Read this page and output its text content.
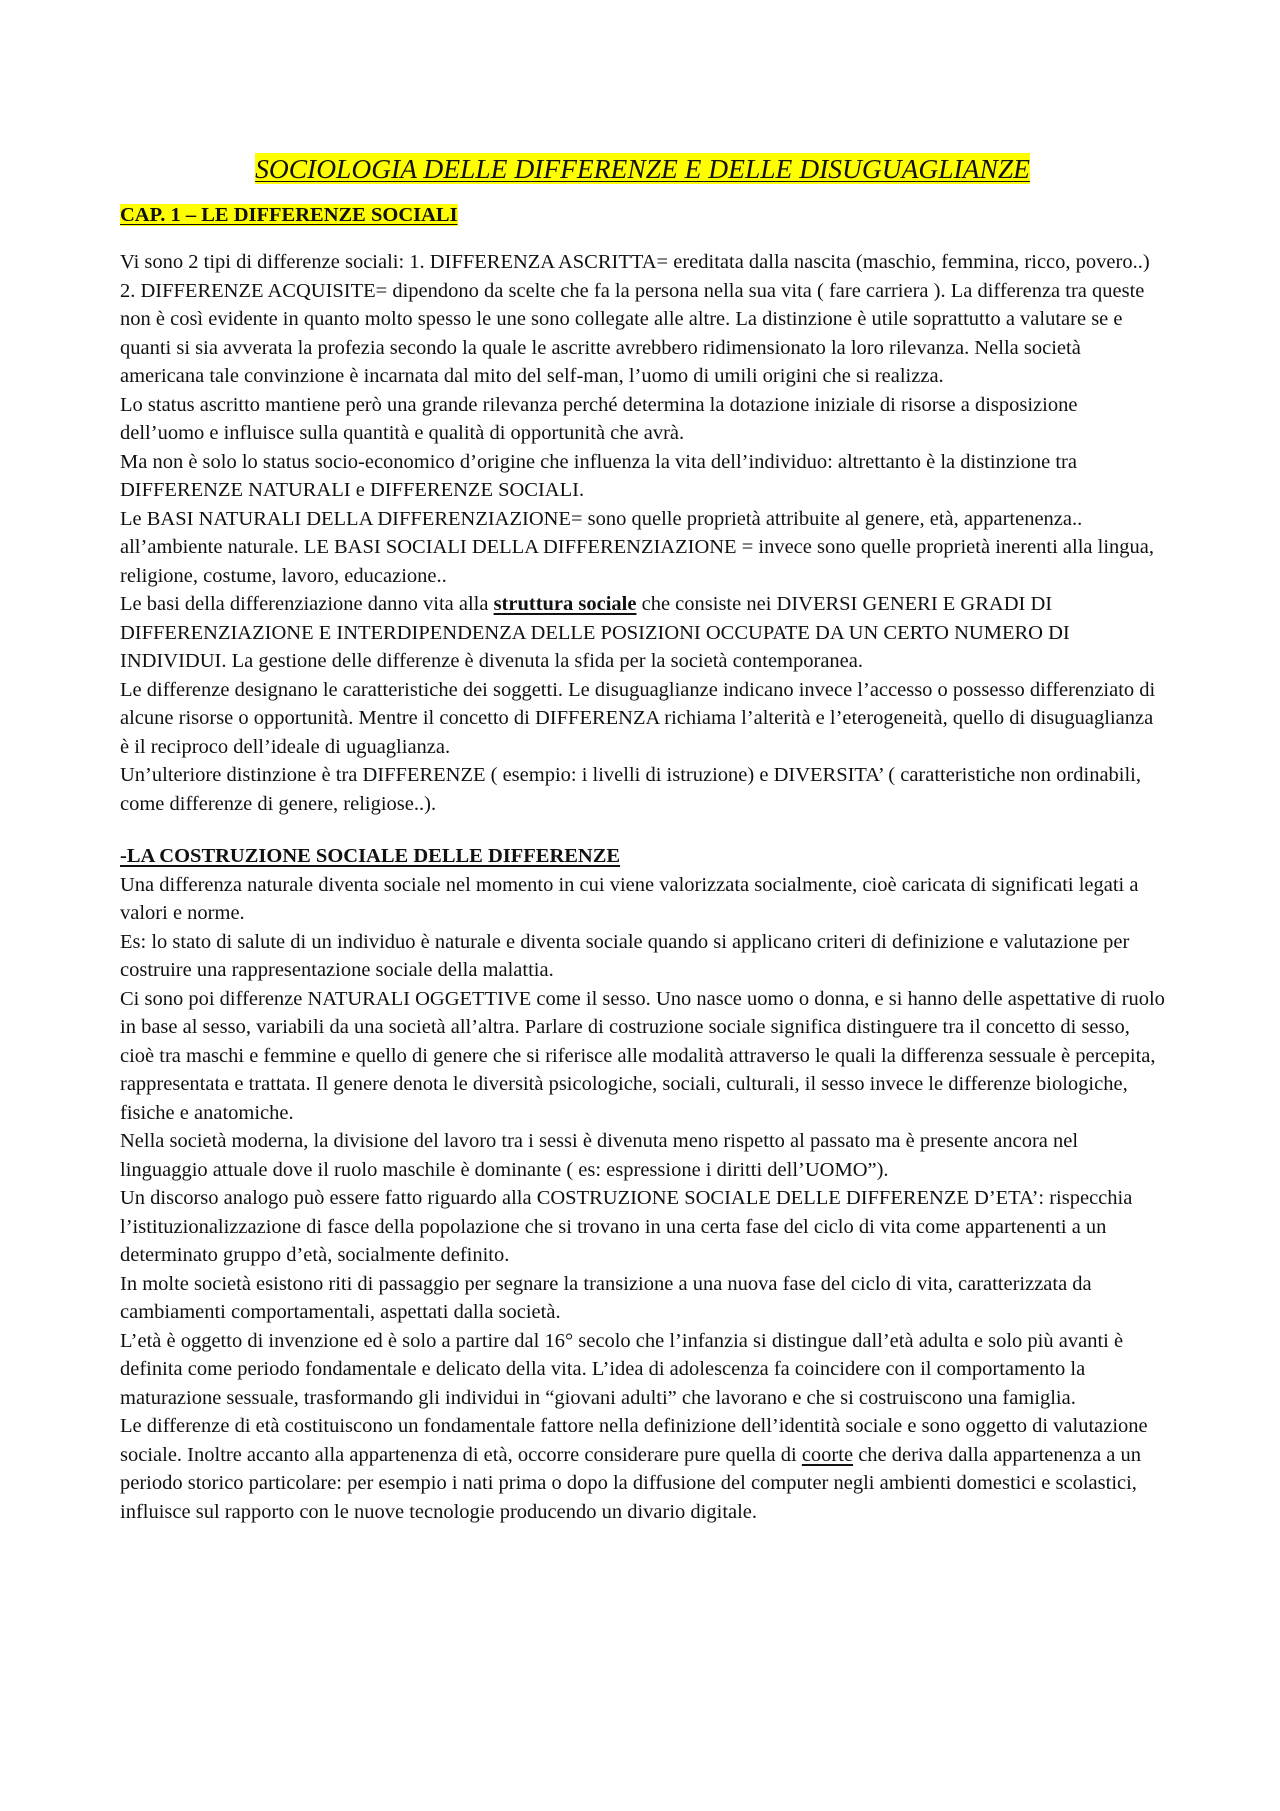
SOCIOLOGIA DELLE DIFFERENZE E DELLE DISUGUAGLIANZE
CAP. 1 – LE DIFFERENZE SOCIALI

Vi sono 2 tipi di differenze sociali: 1. DIFFERENZA ASCRITTA= ereditata dalla nascita (maschio, femmina, ricco, povero..) 2. DIFFERENZE ACQUISITE= dipendono da scelte che fa la persona nella sua vita ( fare carriera ). La differenza tra queste non è così evidente in quanto molto spesso le une sono collegate alle altre. La distinzione è utile soprattutto a valutare se e quanti si sia avverata la profezia secondo la quale le ascritte avrebbero ridimensionato la loro rilevanza. Nella società americana tale convinzione è incarnata dal mito del self-man, l’uomo di umili origini che si realizza.

Lo status ascritto mantiene però una grande rilevanza perché determina la dotazione iniziale di risorse a disposizione dell’uomo e influisce sulla quantità e qualità di opportunità che avrà.

Ma non è solo lo status socio-economico d’origine che influenza la vita dell’individuo: altrettanto è la distinzione tra DIFFERENZE NATURALI e DIFFERENZE SOCIALI.

Le BASI NATURALI DELLA DIFFERENZIAZIONE= sono quelle proprietà attribuite al genere, età, appartenenza.. all’ambiente naturale. LE BASI SOCIALI DELLA DIFFERENZIAZIONE = invece sono quelle proprietà inerenti alla lingua, religione, costume, lavoro, educazione..

Le basi della differenziazione danno vita alla struttura sociale che consiste nei DIVERSI GENERI E GRADI DI DIFFERENZIAZIONE E INTERDIPENDENZA DELLE POSIZIONI OCCUPATE DA UN CERTO NUMERO DI INDIVIDUI. La gestione delle differenze è divenuta la sfida per la società contemporanea.

Le differenze designano le caratteristiche dei soggetti. Le disuguaglianze indicano invece l’accesso o possesso differenziato di alcune risorse o opportunità. Mentre il concetto di DIFFERENZA richiama l’alterità e l’eterogeneità, quello di disuguaglianza è il reciproco dell’ideale di uguaglianza.

Un’ulteriore distinzione è tra DIFFERENZE ( esempio: i livelli di istruzione) e DIVERSITA’ ( caratteristiche non ordinabili, come differenze di genere, religiose..).

-LA COSTRUZIONE SOCIALE DELLE DIFFERENZE

Una differenza naturale diventa sociale nel momento in cui viene valorizzata socialmente, cioè caricata di significati legati a valori e norme.

Es: lo stato di salute di un individuo è naturale e diventa sociale quando si applicano criteri di definizione e valutazione per costruire una rappresentazione sociale della malattia.

Ci sono poi differenze NATURALI OGGETTIVE come il sesso. Uno nasce uomo o donna, e si hanno delle aspettative di ruolo in base al sesso, variabili da una società all’altra. Parlare di costruzione sociale significa distinguere tra il concetto di sesso, cioè tra maschi e femmine e quello di genere che si riferisce alle modalità attraverso le quali la differenza sessuale è percepita, rappresentata e trattata. Il genere denota le diversità psicologiche, sociali, culturali, il sesso invece le differenze biologiche, fisiche e anatomiche.

Nella società moderna, la divisione del lavoro tra i sessi è divenuta meno rispetto al passato ma è presente ancora nel linguaggio attuale dove il ruolo maschile è dominante ( es: espressione i diritti dell’UOMO”).

Un discorso analogo può essere fatto riguardo alla COSTRUZIONE SOCIALE DELLE DIFFERENZE D’ETA’: rispecchia l’istituzionalizzazione di fasce della popolazione che si trovano in una certa fase del ciclo di vita come appartenenti a un determinato gruppo d’età, socialmente definito.

In molte società esistono riti di passaggio per segnare la transizione a una nuova fase del ciclo di vita, caratterizzata da cambiamenti comportamentali, aspettati dalla società.

L’età è oggetto di invenzione ed è solo a partire dal 16° secolo che l’infanzia si distingue dall’età adulta e solo più avanti è definita come periodo fondamentale e delicato della vita. L’idea di adolescenza fa coincidere con il comportamento la maturazione sessuale, trasformando gli individui in “giovani adulti” che lavorano e che si costruiscono una famiglia.

Le differenze di età costituiscono un fondamentale fattore nella definizione dell’identità sociale e sono oggetto di valutazione sociale. Inoltre accanto alla appartenenza di età, occorre considerare pure quella di coorte che deriva dalla appartenenza a un periodo storico particolare: per esempio i nati prima o dopo la diffusione del computer negli ambienti domestici e scolastici, influisce sul rapporto con le nuove tecnologie producendo un divario digitale.
